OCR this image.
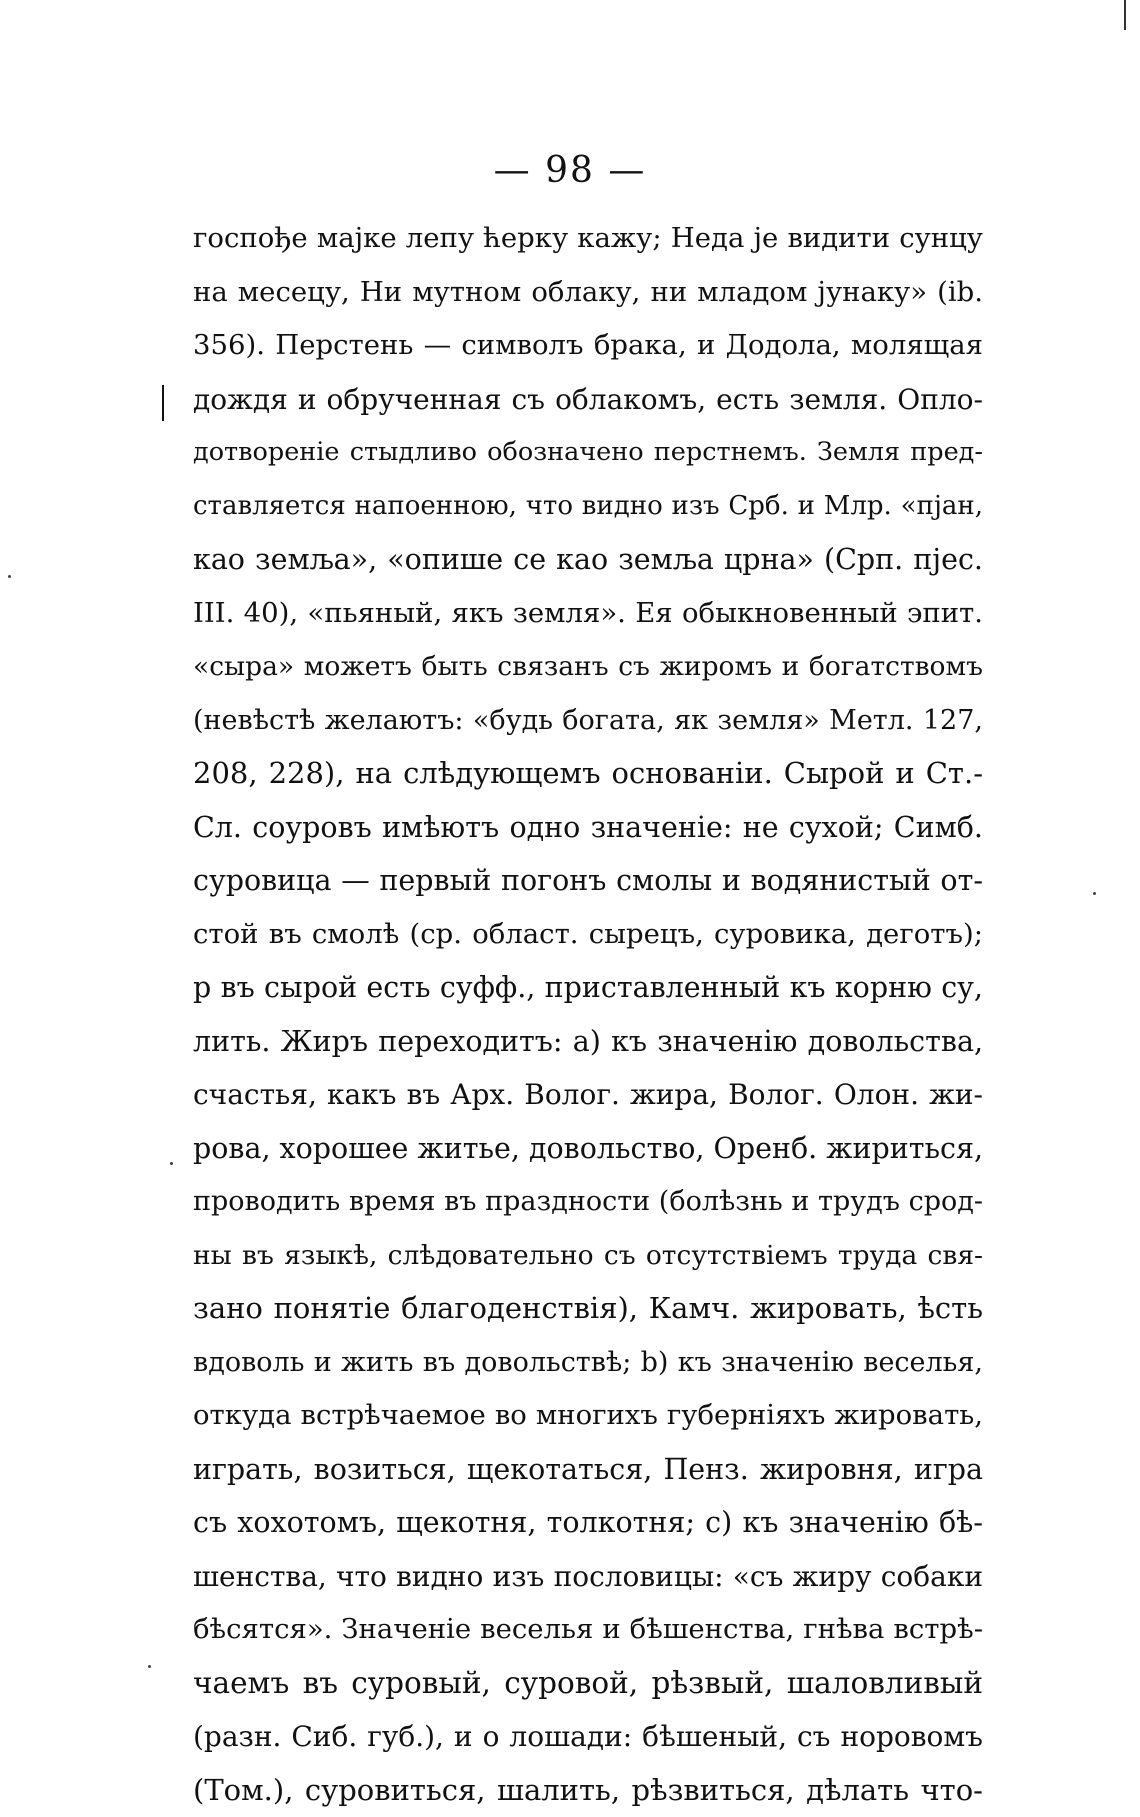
— 98 —
госпође мајке лепу ћерку кажу; Неда је видити сунцу
на месецу, Ни мутном облаку, ни младом јунаку» (ib.
356). Перстень — символъ брака, и Додола, молящая
дождя и обрученная съ облакомъ, есть земля. Опло-
дотвореніе стыдливо обозначено перстнемъ. Земля пред-
ставляется напоенною, что видно изъ Срб. и Млр. «пјан,
као земља», «опише се као земља црна» (Срп. пјес.
III. 40), «пьяный, якъ земля». Ея обыкновенный эпит.
«сыра» можетъ быть связанъ съ жиромъ и богатствомъ
(невѣстѣ желаютъ: «будь богата, як земля» Метл. 127,
208, 228), на слѣдующемъ основаніи. Сырой и Ст.-
Сл. соуровъ имѣютъ одно значеніе: не сухой; Симб.
суровица — первый погонъ смолы и водянистый от-
стой въ смолѣ (ср. област. сырецъ, суровика, деготъ);
р въ сырой есть суфф., приставленный къ корню су,
лить. Жиръ переходитъ: а) къ значенію довольства,
счастья, какъ въ Арх. Волог. жира, Волог. Олон. жи-
рова, хорошее житье, довольство, Оренб. жириться,
проводить время въ праздности (болѣзнь и трудъ срод-
ны въ языкѣ, слѣдовательно съ отсутствіемъ труда свя-
зано понятіе благоденствія), Камч. жировать, ѣсть
вдоволь и жить въ довольствѣ; b) къ значенію веселья,
откуда встрѣчаемое во многихъ губерніяхъ жировать,
играть, возиться, щекотаться, Пенз. жировня, игра
съ хохотомъ, щекотня, толкотня; с) къ значенію бѣ-
шенства, что видно изъ пословицы: «съ жиру собаки
бѣсятся». Значеніе веселья и бѣшенства, гнѣва встрѣ-
чаемъ въ суровый, суровой, рѣзвый, шаловливый
(разн. Сиб. губ.), и о лошади: бѣшеный, съ норовомъ
(Том.), суровиться, шалить, рѣзвиться, дѣлать что-
